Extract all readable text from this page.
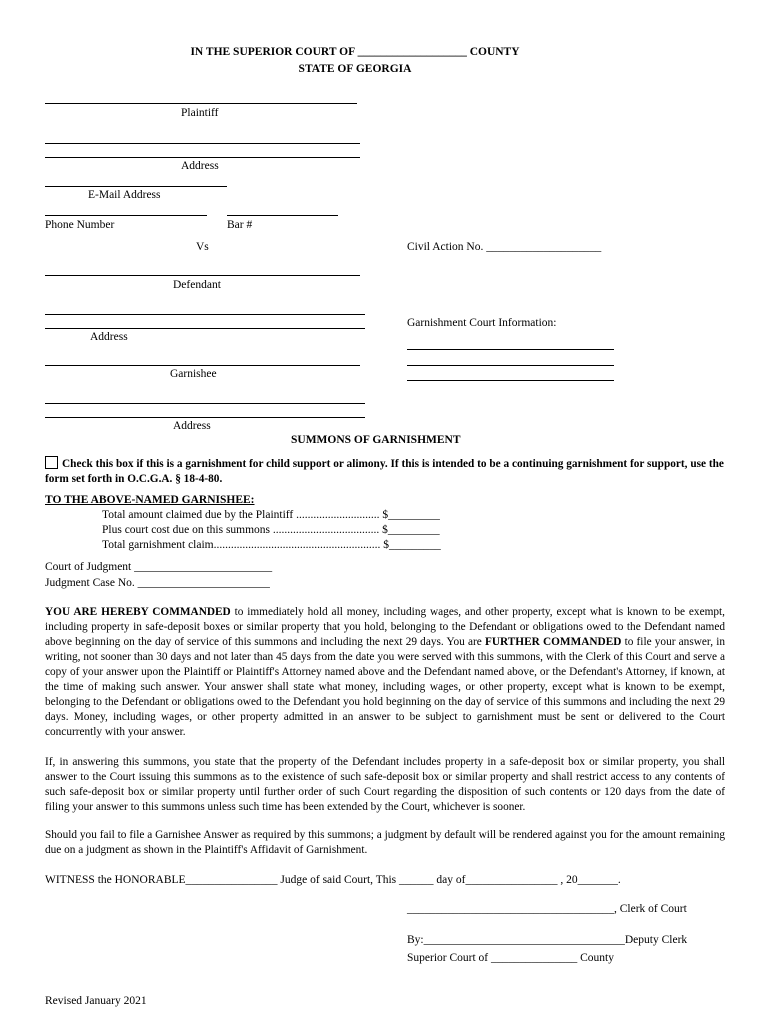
IN THE SUPERIOR COURT OF ___________________ COUNTY
STATE OF GEORGIA
Plaintiff
Address
E-Mail Address
Phone Number	Bar #
Vs	Civil Action No. ____________________
Defendant
Address
Garnishment Court Information:
Garnishee
Address
SUMMONS OF GARNISHMENT
Check this box if this is a garnishment for child support or alimony. If this is intended to be a continuing garnishment for support, use the form set forth in O.C.G.A. § 18-4-80.
TO THE ABOVE-NAMED GARNISHEE:
Total amount claimed due by the Plaintiff ............................. $_________
Plus court cost due on this summons ..................................... $_________
Total garnishment claim.......................................................... $_________
Court of Judgment ________________________
Judgment Case No. _______________________
YOU ARE HEREBY COMMANDED to immediately hold all money, including wages, and other property, except what is known to be exempt, including property in safe-deposit boxes or similar property that you hold, belonging to the Defendant or obligations owed to the Defendant named above beginning on the day of service of this summons and including the next 29 days. You are FURTHER COMMANDED to file your answer, in writing, not sooner than 30 days and not later than 45 days from the date you were served with this summons, with the Clerk of this Court and serve a copy of your answer upon the Plaintiff or Plaintiff's Attorney named above and the Defendant named above, or the Defendant's Attorney, if known, at the time of making such answer. Your answer shall state what money, including wages, or other property, except what is known to be exempt, belonging to the Defendant or obligations owed to the Defendant you hold beginning on the day of service of this summons and including the next 29 days. Money, including wages, or other property admitted in an answer to be subject to garnishment must be sent or delivered to the Court concurrently with your answer.
If, in answering this summons, you state that the property of the Defendant includes property in a safe-deposit box or similar property, you shall answer to the Court issuing this summons as to the existence of such safe-deposit box or similar property and shall restrict access to any contents of such safe-deposit box or similar property until further order of such Court regarding the disposition of such contents or 120 days from the date of filing your answer to this summons unless such time has been extended by the Court, whichever is sooner.
Should you fail to file a Garnishee Answer as required by this summons; a judgment by default will be rendered against you for the amount remaining due on a judgment as shown in the Plaintiff's Affidavit of Garnishment.
WITNESS the HONORABLE________________ Judge of said Court, This ______ day of________________ , 20_______.
____________________________________, Clerk of Court
By:___________________________________Deputy Clerk
Superior Court of _______________ County
Revised January 2021
